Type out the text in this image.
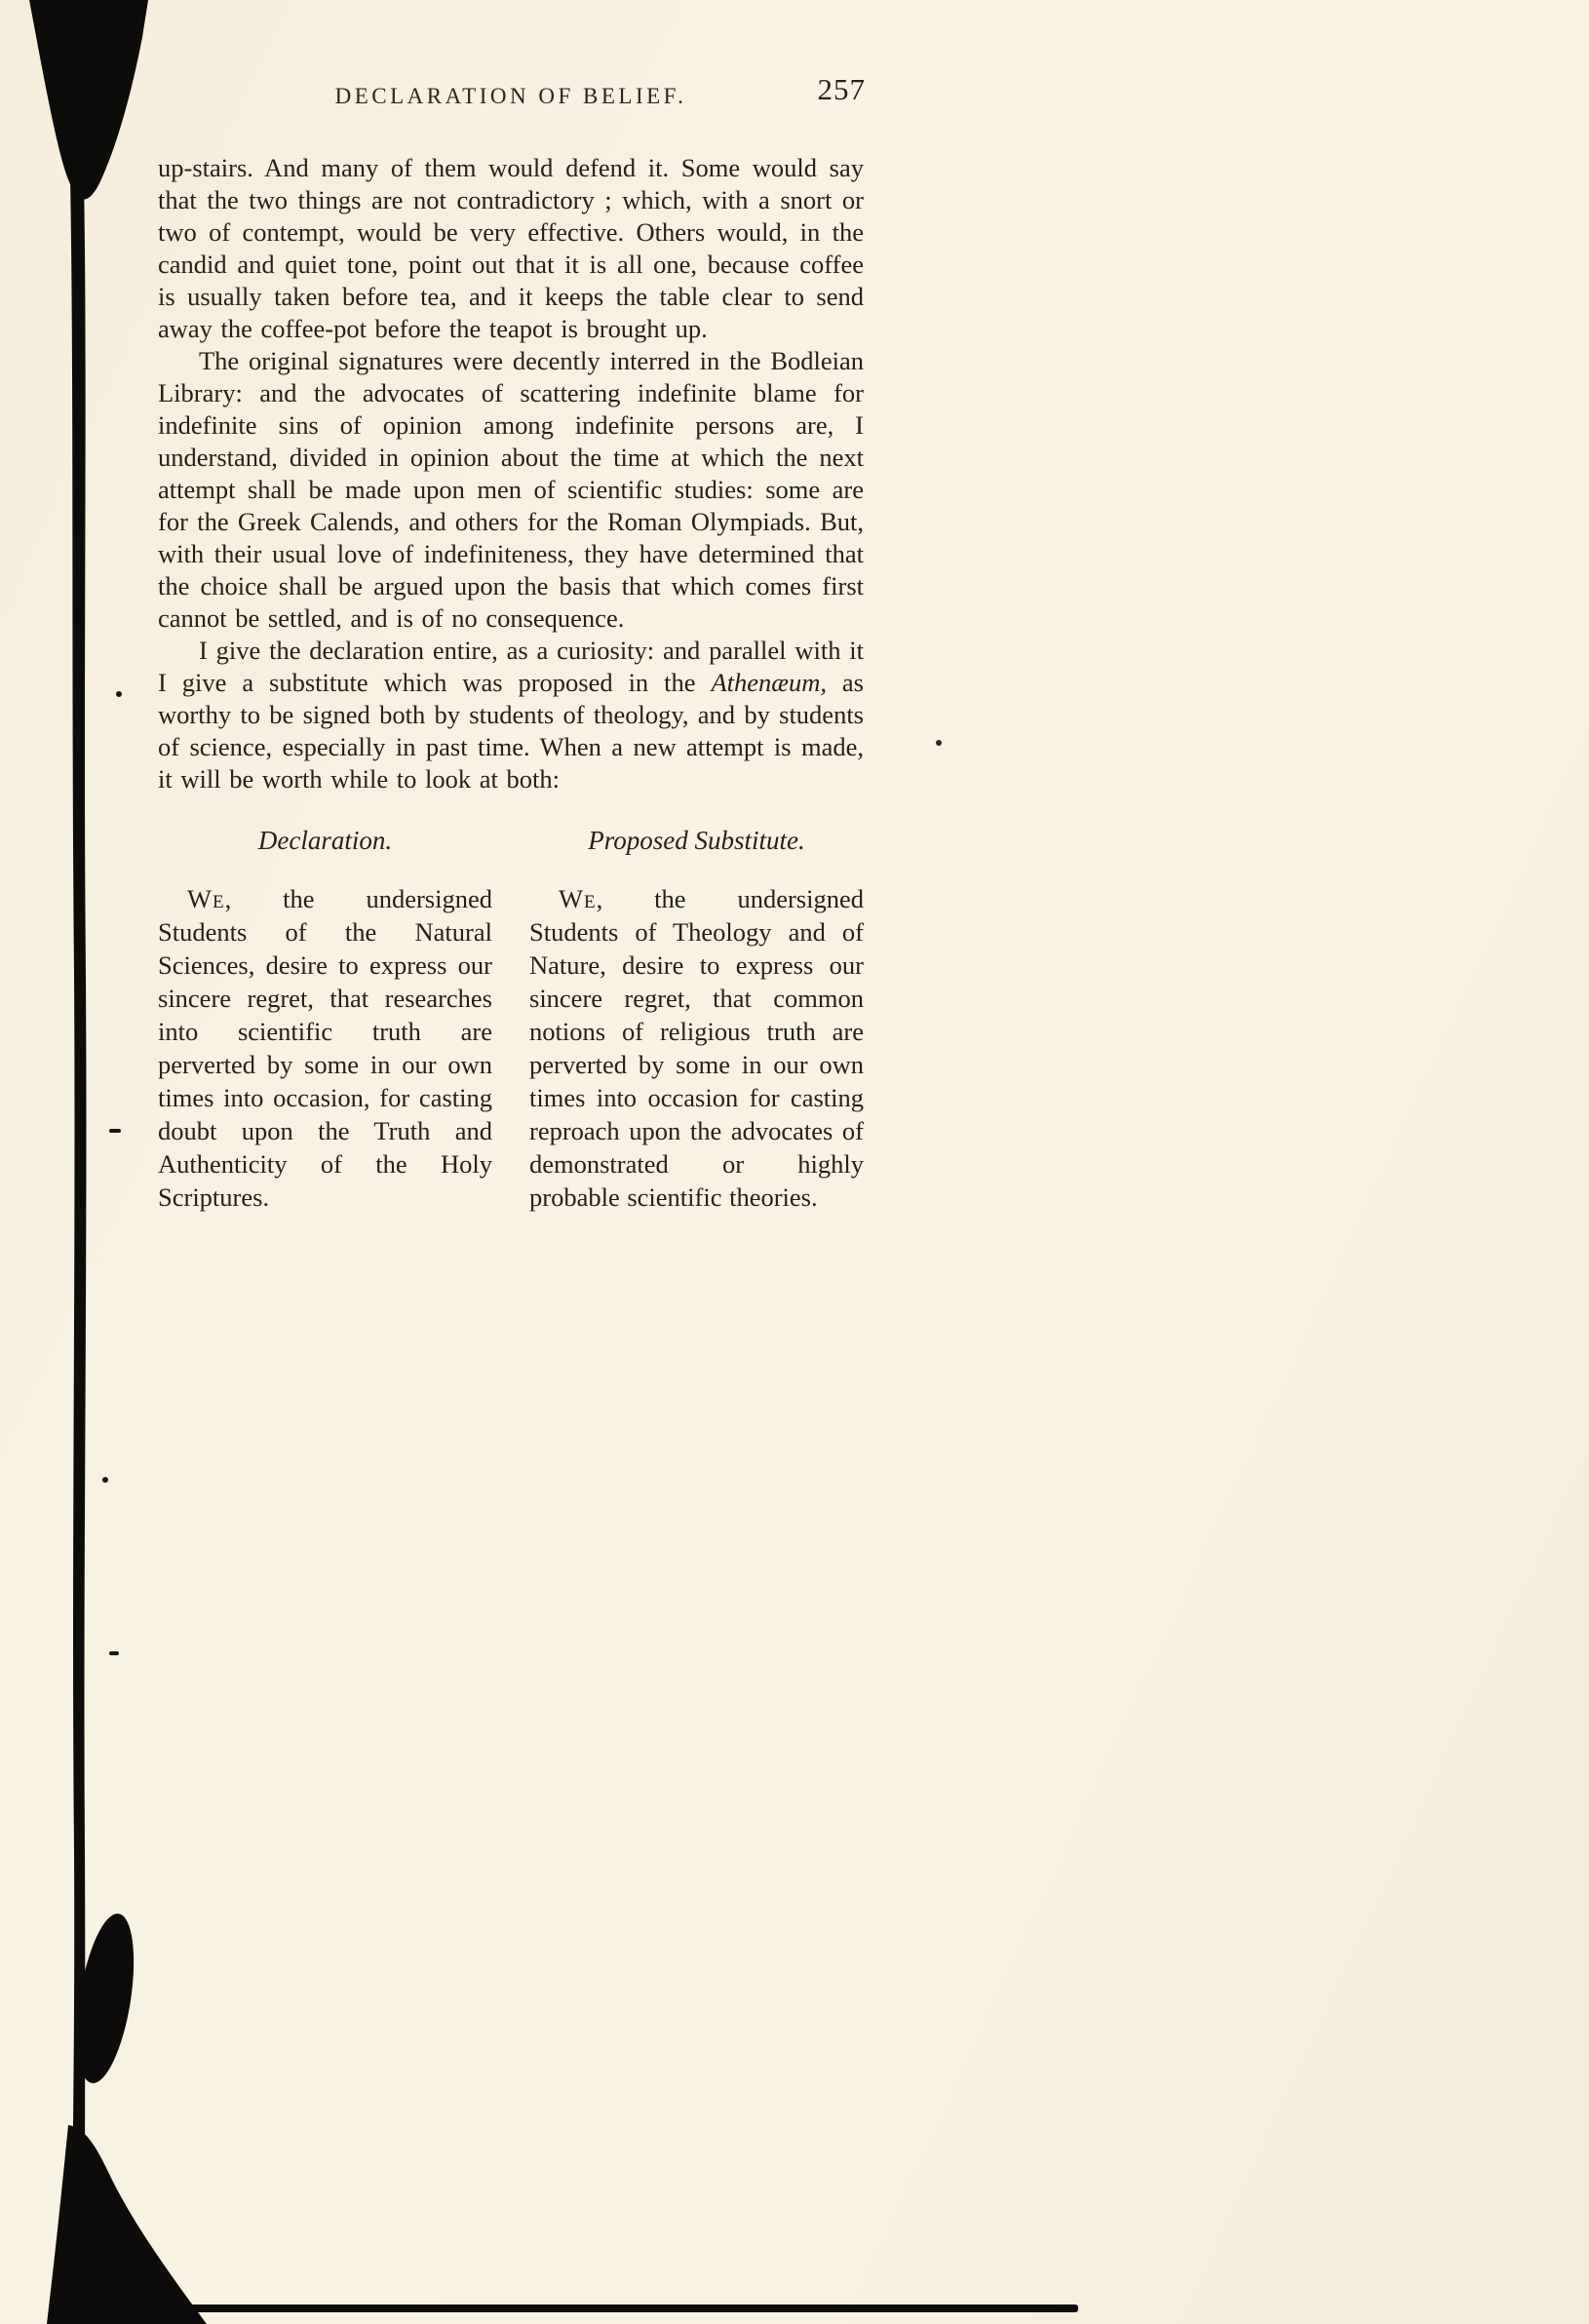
DECLARATION OF BELIEF.	257

up-stairs. And many of them would defend it. Some would say that the two things are not contradictory ; which, with a snort or two of contempt, would be very effective. Others would, in the candid and quiet tone, point out that it is all one, because coffee is usually taken before tea, and it keeps the table clear to send away the coffee-pot before the teapot is brought up.

The original signatures were decently interred in the Bodleian Library: and the advocates of scattering indefinite blame for indefinite sins of opinion among indefinite persons are, I understand, divided in opinion about the time at which the next attempt shall be made upon men of scientific studies: some are for the Greek Calends, and others for the Roman Olympiads. But, with their usual love of indefiniteness, they have determined that the choice shall be argued upon the basis that which comes first cannot be settled, and is of no consequence.

I give the declaration entire, as a curiosity: and parallel with it I give a substitute which was proposed in the Athenæum, as worthy to be signed both by students of theology, and by students of science, especially in past time. When a new attempt is made, it will be worth while to look at both:

Declaration.

We, the undersigned Students of the Natural Sciences, desire to express our sincere regret, that researches into scientific truth are perverted by some in our own times into occasion, for casting doubt upon the Truth and Authenticity of the Holy Scriptures.

Proposed Substitute.

We, the undersigned Students of Theology and of Nature, desire to express our sincere regret, that common notions of religious truth are perverted by some in our own times into occasion for casting reproach upon the advocates of demonstrated or highly probable scientific theories.
